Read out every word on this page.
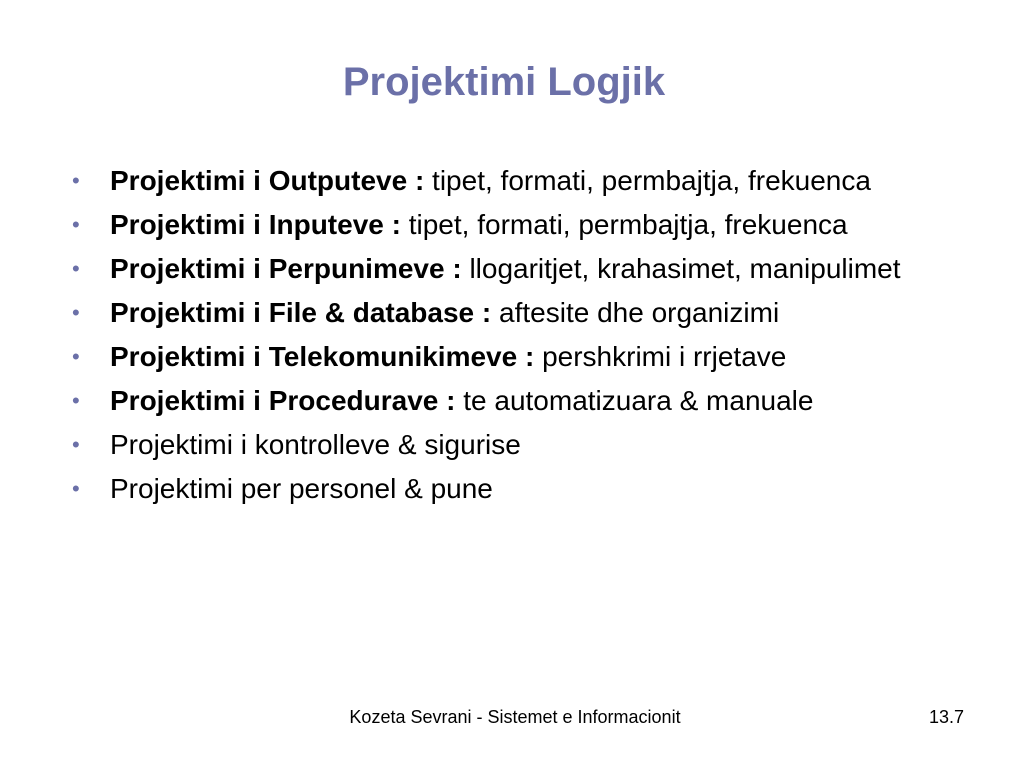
Projektimi Logjik
•	Projektimi i Outputeve : tipet, formati, permbajtja, frekuenca
•	Projektimi i Inputeve : tipet, formati, permbajtja, frekuenca
•	Projektimi i Perpunimeve : llogaritjet, krahasimet, manipulimet
•	Projektimi i File & database : aftesite dhe organizimi
•	Projektimi i Telekomunikimeve : pershkrimi i rrjetave
•	Projektimi i Procedurave : te automatizuara & manuale
•	Projektimi i kontrolleve & sigurise
•	Projektimi per personel & pune
Kozeta Sevrani - Sistemet e Informacionit	13.7
